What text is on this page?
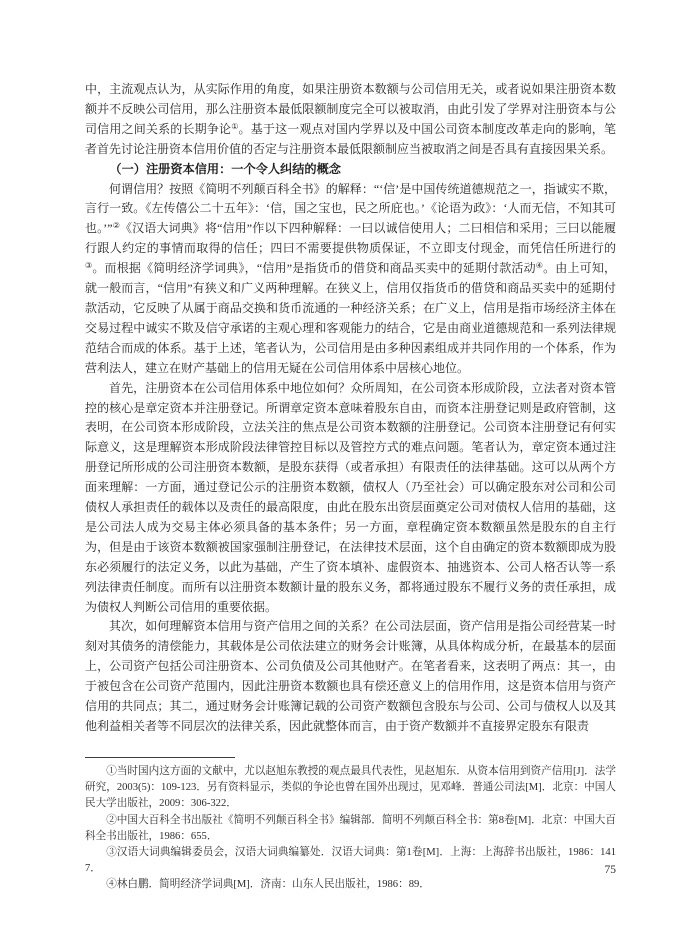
中，主流观点认为，从实际作用的角度，如果注册资本数额与公司信用无关，或者说如果注册资本数额并不反映公司信用，那么注册资本最低限额制度完全可以被取消，由此引发了学界对注册资本与公司信用之间关系的长期争论①。基于这一观点对国内学界以及中国公司资本制度改革走向的影响，笔者首先讨论注册资本信用价值的否定与注册资本最低限额制应当被取消之间是否具有直接因果关系。

（一）注册资本信用：一个令人纠结的概念

何谓信用？按照《简明不列颠百科全书》的解释：“‘信’是中国传统道德规范之一，指诚实不欺，言行一致。《左传僖公二十五年》：‘信，国之宝也，民之所庇也。’《论语为政》：‘人而无信，不知其可也。’”②《汉语大词典》将“信用”作以下四种解释：一曰以诚信使用人；二曰相信和采用；三曰以能履行跟人约定的事情而取得的信任；四曰不需要提供物质保证，不立即支付现金，而凭信任所进行的③。而根据《简明经济学词典》，“信用”是指货币的借贷和商品买卖中的延期付款活动④。由上可知，就一般而言，“信用”有狭义和广义两种理解。在狭义上，信用仅指货币的借贷和商品买卖中的延期付款活动，它反映了从属于商品交换和货币流通的一种经济关系；在广义上，信用是指市场经济主体在交易过程中诚实不欺及信守承诺的主观心理和客观能力的结合，它是由商业道德规范和一系列法律规范结合而成的体系。基于上述，笔者认为，公司信用是由多种因素组成并共同作用的一个体系，作为营利法人，建立在财产基础上的信用无疑在公司信用体系中居核心地位。

首先，注册资本在公司信用体系中地位如何？众所周知，在公司资本形成阶段，立法者对资本管控的核心是章定资本并注册登记。所谓章定资本意味着股东自由，而资本注册登记则是政府管制，这表明，在公司资本形成阶段，立法关注的焦点是公司资本数额的注册登记。公司资本注册登记有何实际意义，这是理解资本形成阶段法律管控目标以及管控方式的难点问题。笔者认为，章定资本通过注册登记所形成的公司注册资本数额，是股东获得（或者承担）有限责任的法律基础。这可以从两个方面来理解：一方面，通过登记公示的注册资本数额，债权人（乃至社会）可以确定股东对公司和公司债权人承担责任的载体以及责任的最高限度，由此在股东出资层面奠定公司对债权人信用的基础，这是公司法人成为交易主体必须具备的基本条件；另一方面，章程确定资本数额虽然是股东的自主行为，但是由于该资本数额被国家强制注册登记，在法律技术层面，这个自由确定的资本数额即成为股东必须履行的法定义务，以此为基础，产生了资本填补、虚假资本、抽逃资本、公司人格否认等一系列法律责任制度。而所有以注册资本数额计量的股东义务，都将通过股东不履行义务的责任承担，成为债权人判断公司信用的重要依据。

其次，如何理解资本信用与资产信用之间的关系？在公司法层面，资产信用是指公司经营某一时刻对其债务的清偿能力，其载体是公司依法建立的财务会计账簿，从具体构成分析，在最基本的层面上，公司资产包括公司注册资本、公司负债及公司其他财产。在笔者看来，这表明了两点：其一，由于被包含在公司资产范围内，因此注册资本数额也具有偿还意义上的信用作用，这是资本信用与资产信用的共同点；其二，通过财务会计账簿记载的公司资产数额包含股东与公司、公司与债权人以及其他利益相关者等不同层次的法律关系，因此就整体而言，由于资产数额并不直接界定股东有限责

①当时国内这方面的文献中，尤以赵旭东教授的观点最具代表性，见赵旭东．从资本信用到资产信用[J]．法学研究，2003(5)：109-123．另有资料显示，类似的争论也曾在国外出现过，见邓峰．普通公司法[M]．北京：中国人民大学出版社，2009：306-322．

②中国大百科全书出版社《简明不列颠百科全书》编辑部．简明不列颠百科全书：第8卷[M]．北京：中国大百科全书出版社，1986：655．

③汉语大词典编辑委员会，汉语大词典编纂处．汉语大词典：第1卷[M]．上海：上海辞书出版社，1986：1417．

④林白鹏．简明经济学词典[M]．济南：山东人民出版社，1986：89．

75
